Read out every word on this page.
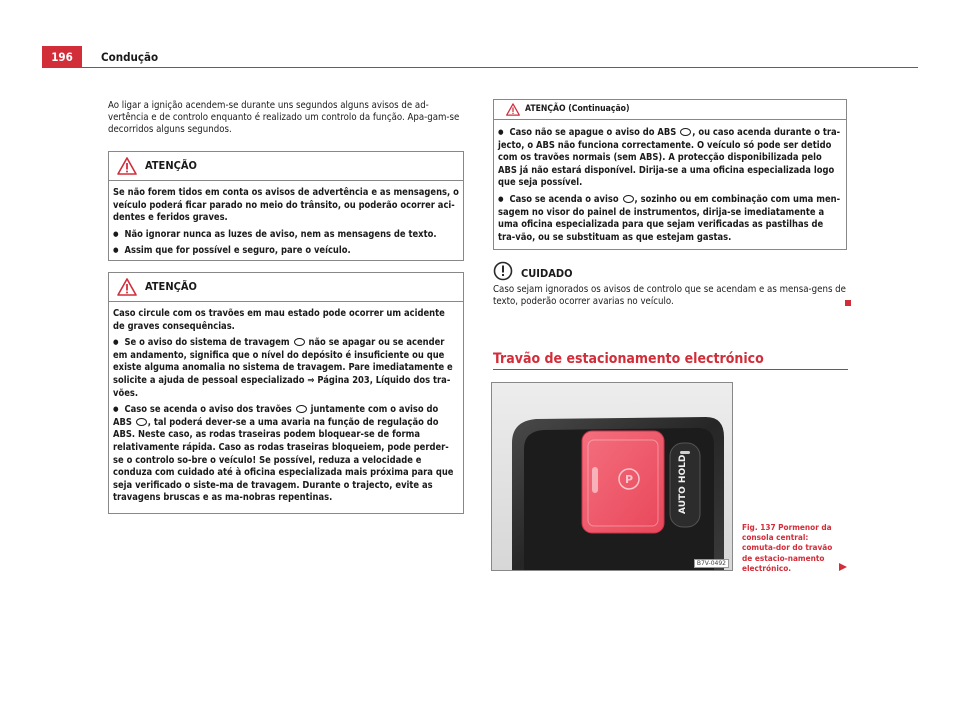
196	Condução
Ao ligar a ignição acendem-se durante uns segundos alguns avisos de ad-vertência e de controlo enquanto é realizado um controlo da função. Apa-gam-se decorridos alguns segundos.
ATENÇÃO

Se não forem tidos em conta os avisos de advertência e as mensagens, o veículo poderá ficar parado no meio do trânsito, ou poderão ocorrer aci-dentes e feridos graves.

● Não ignorar nunca as luzes de aviso, nem as mensagens de texto.

● Assim que for possível e seguro, pare o veículo.

ATENÇÃO

Caso circule com os travões em mau estado pode ocorrer um acidente de graves consequências.

● Se o aviso do sistema de travagem não se apagar ou se acender em andamento, significa que o nível do depósito é insuficiente ou que existe alguma anomalia no sistema de travagem. Pare imediatamente e solicite a ajuda de pessoal especializado ⇒ Página 203, Líquido dos tra-vões.

● Caso se acenda o aviso dos travões juntamente com o aviso do ABS , tal poderá dever-se a uma avaria na função de regulação do ABS. Neste caso, as rodas traseiras podem bloquear-se de forma relativamente rápida. Caso as rodas traseiras bloqueiem, pode perder-se o controlo so-bre o veículo! Se possível, reduza a velocidade e conduza com cuidado até à oficina especializada mais próxima para que seja verificado o siste-ma de travagem. Durante o trajecto, evite as travagens bruscas e as ma-nobras repentinas.

ATENÇÃO (Continuação)

● Caso não se apague o aviso do ABS , ou caso acenda durante o tra-jecto, o ABS não funciona correctamente. O veículo só pode ser detido com os travões normais (sem ABS). A protecção disponibilizada pelo ABS já não estará disponível. Dirija-se a uma oficina especializada logo que seja possível.

● Caso se acenda o aviso , sozinho ou em combinação com uma men-sagem no visor do painel de instrumentos, dirija-se imediatamente a uma oficina especializada para que sejam verificadas as pastilhas de tra-vão, ou se substituam as que estejam gastas.

CUIDADO
Caso sejam ignorados os avisos de controlo que se acendam e as mensa-gens de texto, poderão ocorrer avarias no veículo.
Travão de estacionamento electrónico
P	AUTO HOLD
B7V-0492
Fig. 137 Pormenor da consola central: comuta-dor do travão de estacio-namento electrónico.
